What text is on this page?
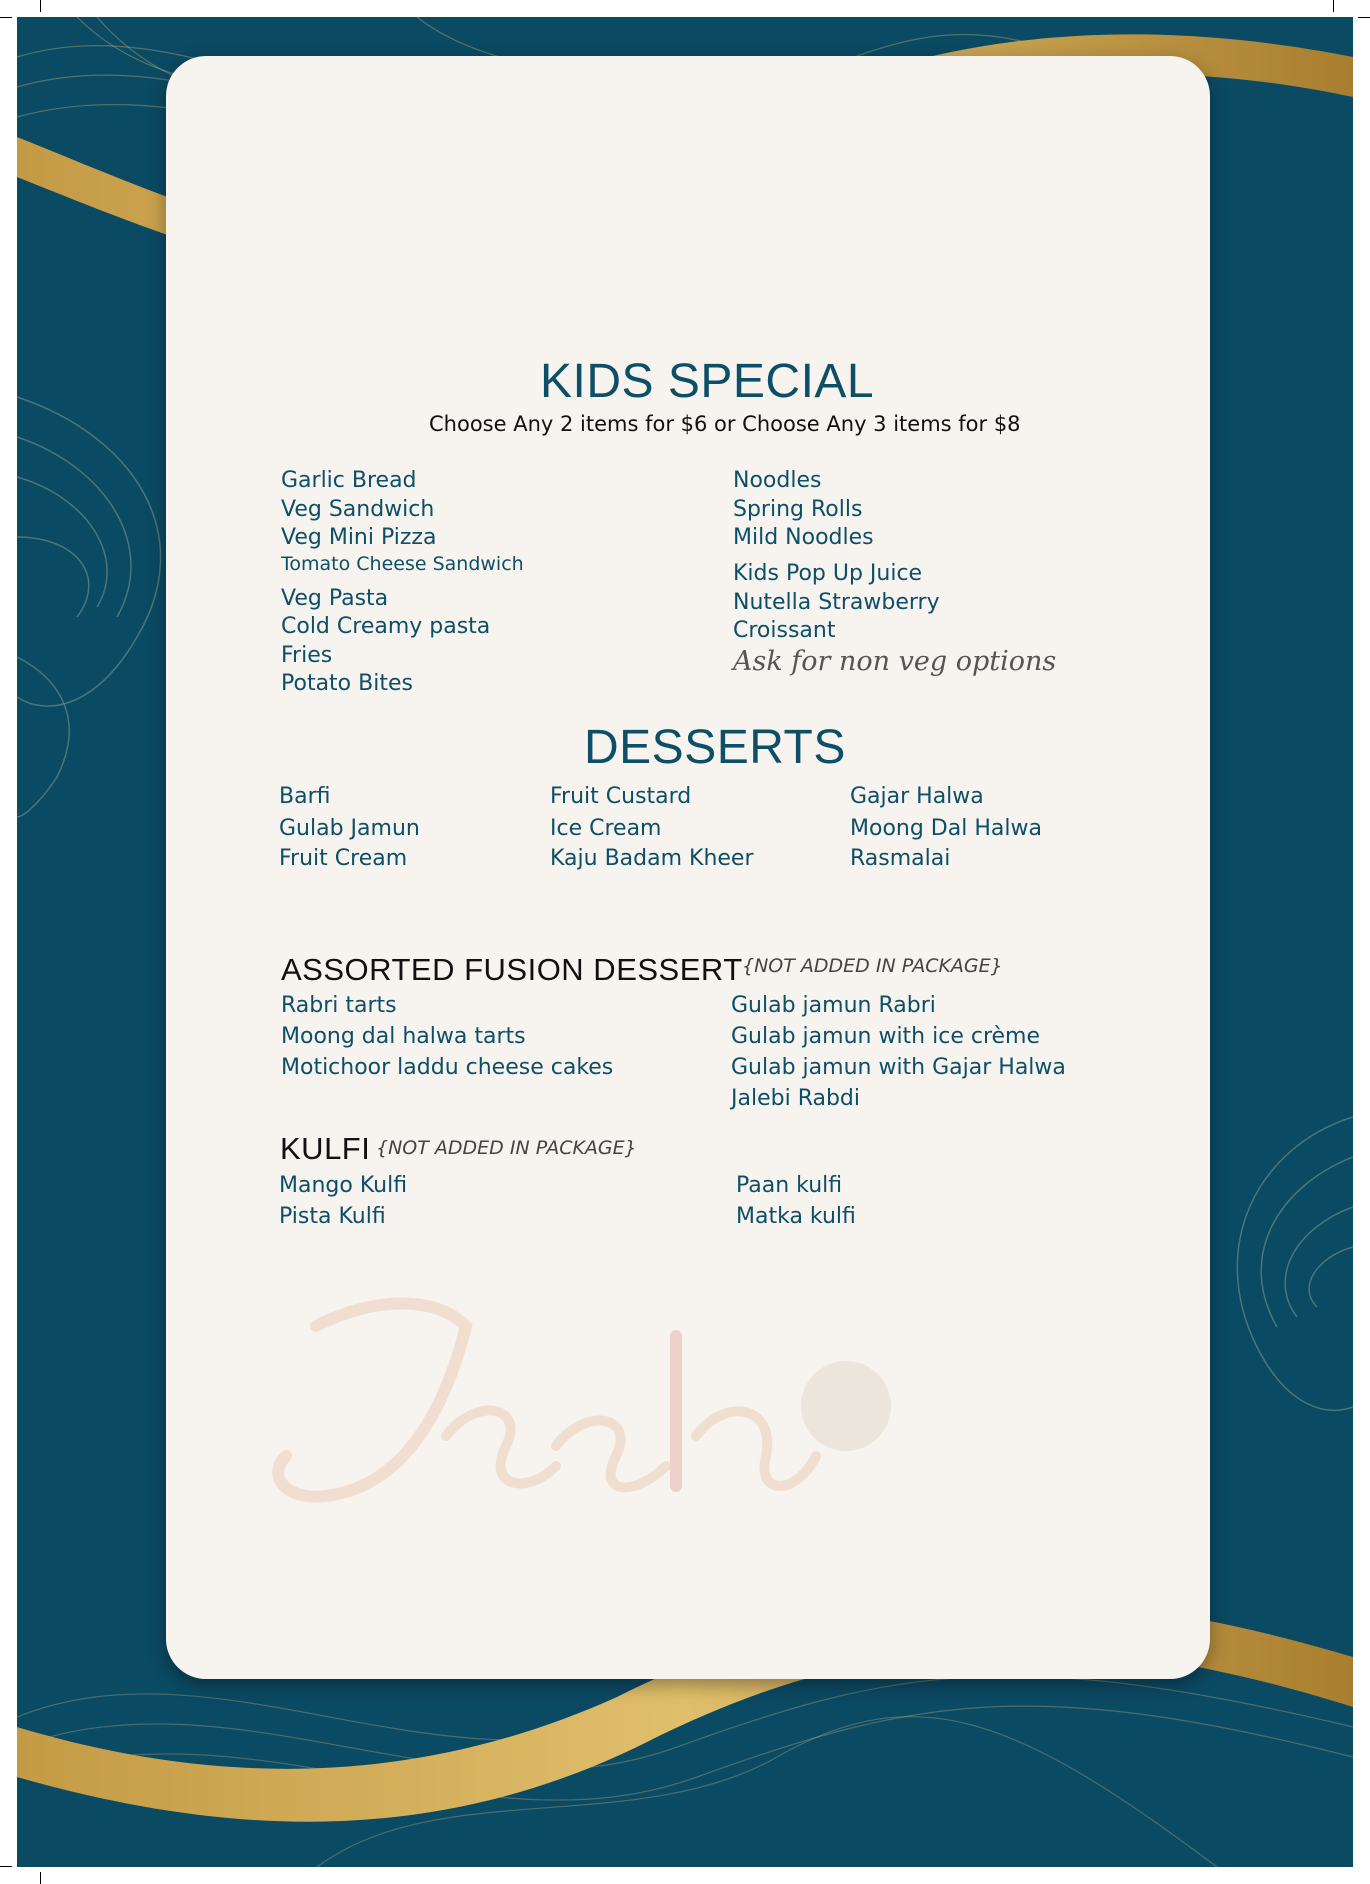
KIDS SPECIAL
Choose Any 2 items for $6 or Choose Any 3 items for $8
Garlic Bread
Veg Sandwich
Veg Mini Pizza
Tomato Cheese Sandwich
Veg Pasta
Cold Creamy pasta
Fries
Potato Bites
Noodles
Spring Rolls
Mild Noodles
Kids Pop Up Juice
Nutella Strawberry
Croissant
Ask for non veg options
DESSERTS
Barfi
Gulab Jamun
Fruit Cream
Fruit Custard
Ice Cream
Kaju Badam Kheer
Gajar Halwa
Moong Dal Halwa
Rasmalai
ASSORTED FUSION DESSERT {NOT ADDED IN PACKAGE}
Rabri tarts
Moong dal halwa tarts
Motichoor laddu cheese cakes
Gulab jamun Rabri
Gulab jamun with ice crème
Gulab jamun with Gajar Halwa
Jalebi Rabdi
KULFI {NOT ADDED IN PACKAGE}
Mango Kulfi
Pista Kulfi
Paan kulfi
Matka kulfi
